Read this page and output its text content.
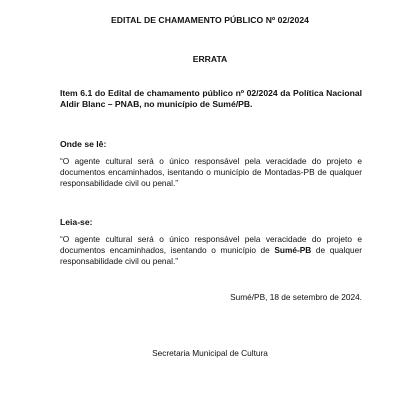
EDITAL DE CHAMAMENTO PÚBLICO Nº 02/2024
ERRATA
Item 6.1 do Edital de chamamento público nº 02/2024 da Política Nacional Aldir Blanc – PNAB, no município de Sumé/PB.
Onde se lê:
“O agente cultural será o único responsável pela veracidade do projeto e documentos encaminhados, isentando o município de Montadas-PB de qualquer responsabilidade civil ou penal.”
Leia-se:
“O agente cultural será o único responsável pela veracidade do projeto e documentos encaminhados, isentando o município de Sumé-PB de qualquer responsabilidade civil ou penal.”
Sumé/PB, 18 de setembro de 2024.
Secretaria Municipal de Cultura
